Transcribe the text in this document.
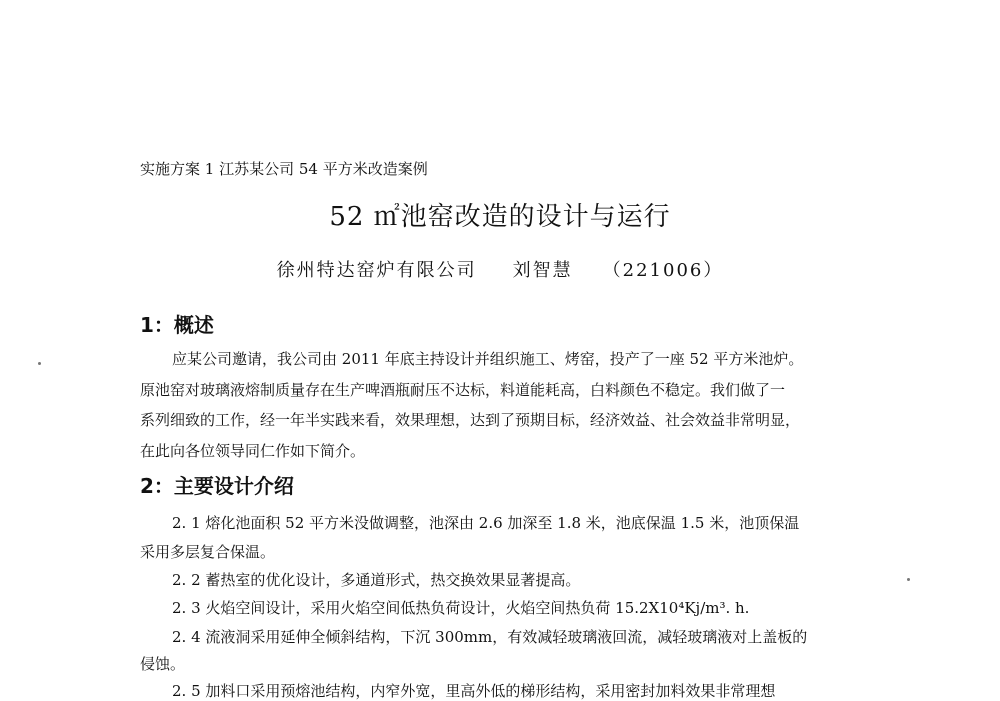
实施方案 1 江苏某公司 54 平方米改造案例
52 ㎡池窑改造的设计与运行
徐州特达窑炉有限公司 刘智慧 （221006）
1：概述
应某公司邀请，我公司由 2011 年底主持设计并组织施工、烤窑，投产了一座 52 平方米池炉。
原池窑对玻璃液熔制质量存在生产啤酒瓶耐压不达标，料道能耗高，白料颜色不稳定。我们做了一
系列细致的工作，经一年半实践来看，效果理想，达到了预期目标，经济效益、社会效益非常明显，
在此向各位领导同仁作如下简介。
2：主要设计介绍
2. 1 熔化池面积 52 平方米没做调整，池深由 2.6 加深至 1.8 米，池底保温 1.5 米，池顶保温
采用多层复合保温。
2. 2 蓄热室的优化设计，多通道形式，热交换效果显著提高。
2. 3 火焰空间设计，采用火焰空间低热负荷设计，火焰空间热负荷 15.2X10⁴Kj/m³. h.
2. 4 流液洞采用延伸全倾斜结构，下沉 300mm，有效减轻玻璃液回流，减轻玻璃液对上盖板的
侵蚀。
2. 5 加料口采用预熔池结构，内窄外宽，里高外低的梯形结构，采用密封加料效果非常理想
